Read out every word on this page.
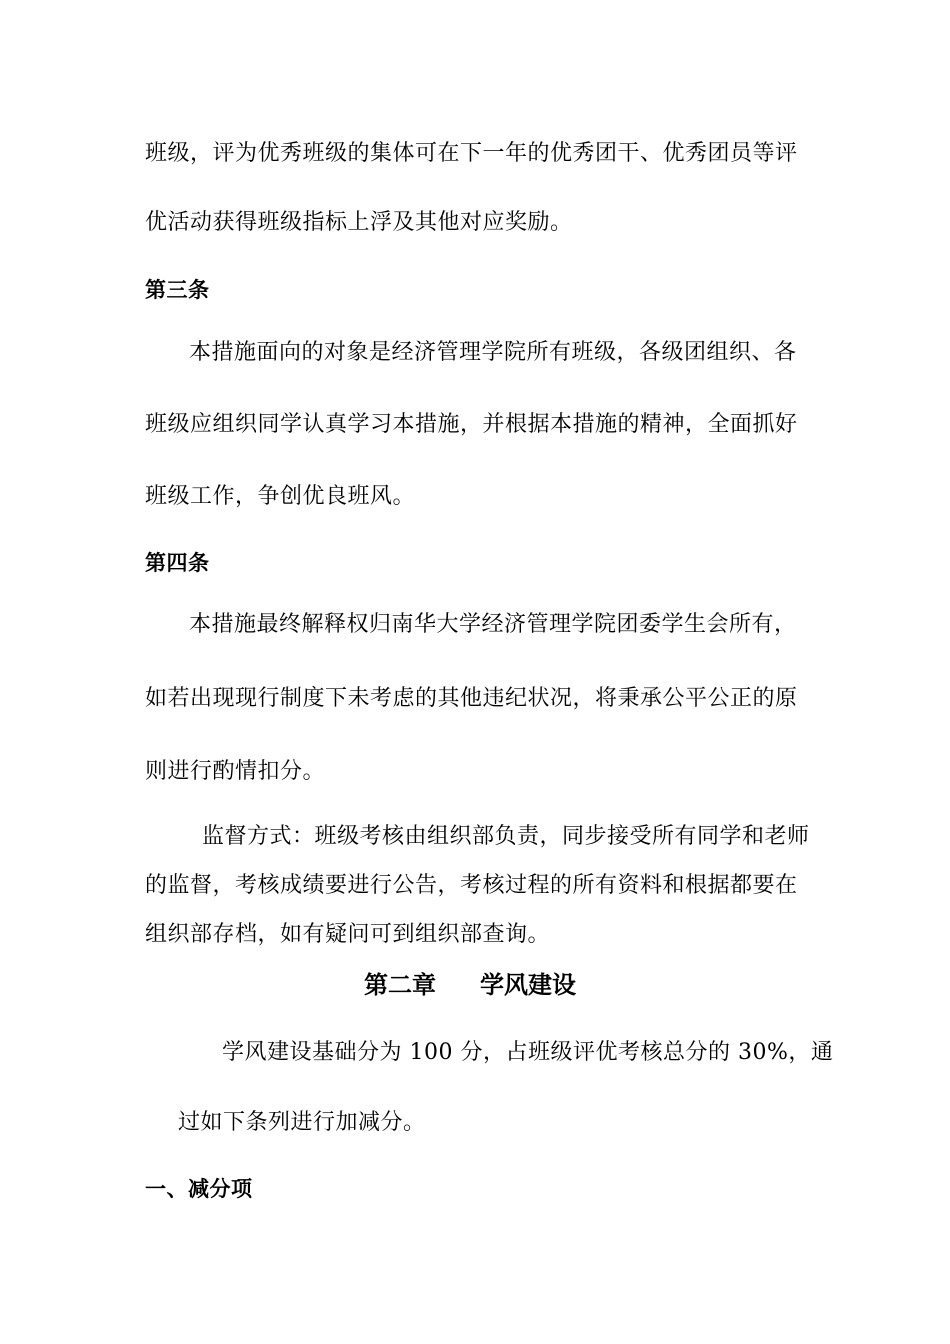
班级，评为优秀班级的集体可在下一年的优秀团干、优秀团员等评
优活动获得班级指标上浮及其他对应奖励。
第三条
本措施面向的对象是经济管理学院所有班级，各级团组织、各
班级应组织同学认真学习本措施，并根据本措施的精神，全面抓好
班级工作，争创优良班风。
第四条
本措施最终解释权归南华大学经济管理学院团委学生会所有，
如若出现现行制度下未考虑的其他违纪状况，将秉承公平公正的原
则进行酌情扣分。
监督方式：班级考核由组织部负责，同步接受所有同学和老师
的监督，考核成绩要进行公告，考核过程的所有资料和根据都要在
组织部存档，如有疑问可到组织部查询。
第二章 学风建设
学风建设基础分为 100 分，占班级评优考核总分的 30%，通
过如下条列进行加减分。
一、减分项
